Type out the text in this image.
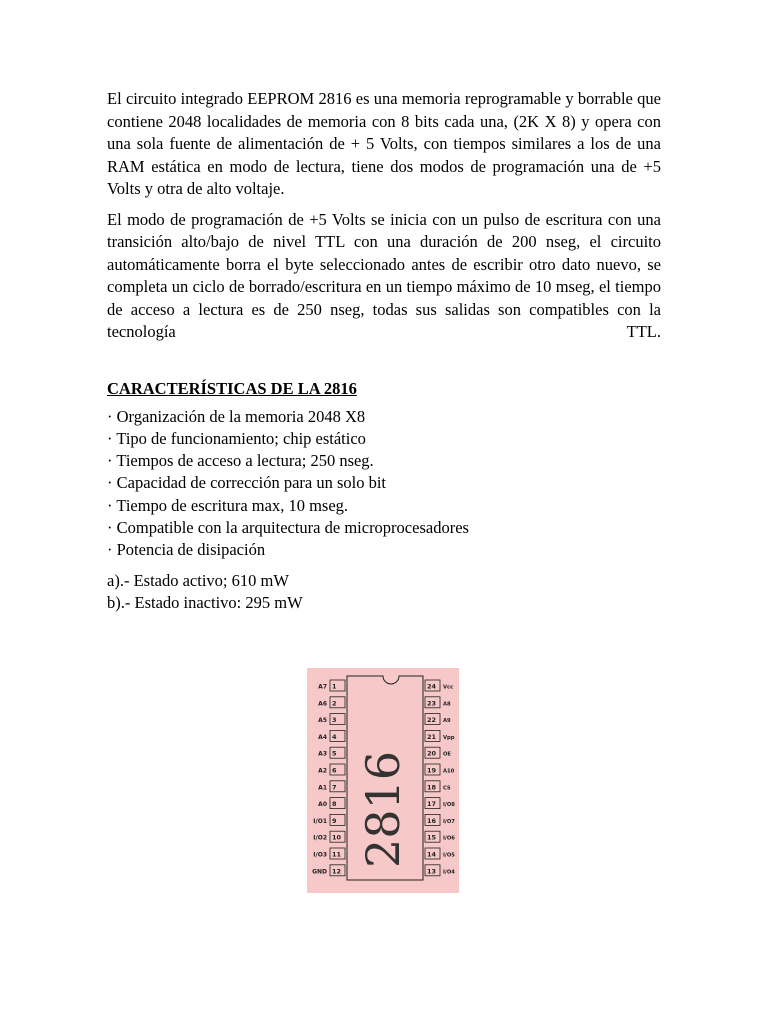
El circuito integrado EEPROM 2816 es una memoria reprogramable y borrable que contiene 2048 localidades de memoria con 8 bits cada una, (2K X 8) y opera con una sola fuente de alimentación de + 5 Volts, con tiempos similares a los de una RAM estática en modo de lectura, tiene dos modos de programación una de +5 Volts y otra de alto voltaje.

El modo de programación de +5 Volts se inicia con un pulso de escritura con una transición alto/bajo de nivel TTL con una duración de 200 nseg, el circuito automáticamente borra el byte seleccionado antes de escribir otro dato nuevo, se completa un ciclo de borrado/escritura en un tiempo máximo de 10 mseg, el tiempo de acceso a lectura es de 250 nseg, todas sus salidas son compatibles con la tecnología TTL.

CARACTERÍSTICAS DE LA 2816
· Organización de la memoria 2048 X8
· Tipo de funcionamiento; chip estático
· Tiempos de acceso a lectura; 250 nseg.
· Capacidad de corrección para un solo bit
· Tiempo de escritura max, 10 mseg.
· Compatible con la arquitectura de microprocesadores
· Potencia de disipación
a).- Estado activo; 610 mW
b).- Estado inactivo: 295 mW
1
A7
2
A6
3
A5
4
A4
5
A3
6
A2
7
A1
8
A0
9
I/O1
10
I/O2
11
I/O3
12
GND
24 Vcc
23 A8
22 A9
21 Vpp
20 OE
19 A10
18 CS
17 I/O8
16 I/O7
15 I/O6
14 I/O5
13 I/O4
2816
